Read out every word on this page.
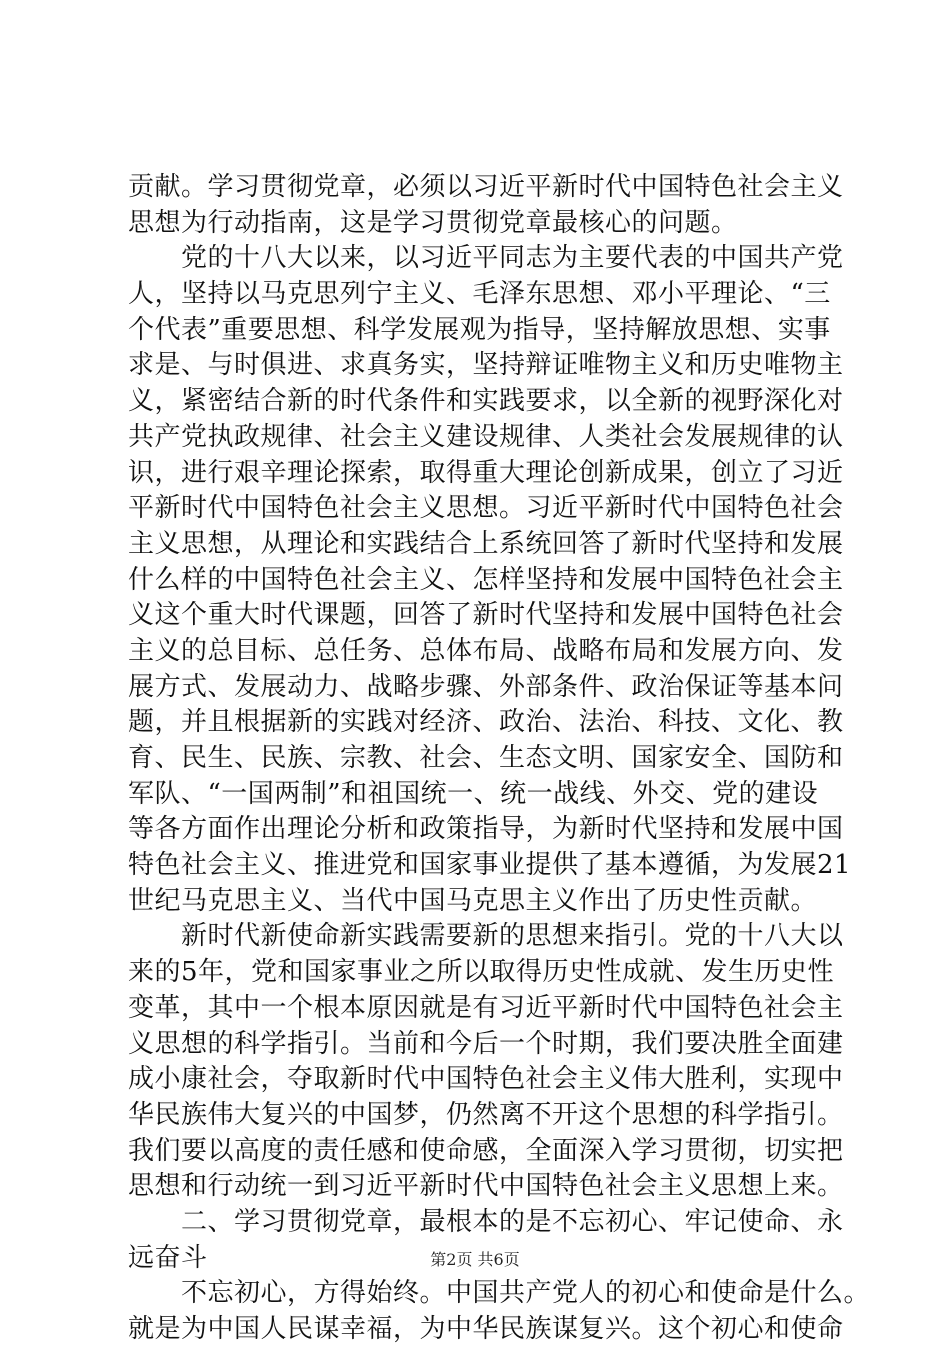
贡献。学习贯彻党章，必须以习近平新时代中国特色社会主义
思想为行动指南，这是学习贯彻党章最核心的问题。
　　党的十八大以来，以习近平同志为主要代表的中国共产党
人，坚持以马克思列宁主义、毛泽东思想、邓小平理论、“三
个代表”重要思想、科学发展观为指导，坚持解放思想、实事
求是、与时俱进、求真务实，坚持辩证唯物主义和历史唯物主
义，紧密结合新的时代条件和实践要求，以全新的视野深化对
共产党执政规律、社会主义建设规律、人类社会发展规律的认
识，进行艰辛理论探索，取得重大理论创新成果，创立了习近
平新时代中国特色社会主义思想。习近平新时代中国特色社会
主义思想，从理论和实践结合上系统回答了新时代坚持和发展
什么样的中国特色社会主义、怎样坚持和发展中国特色社会主
义这个重大时代课题，回答了新时代坚持和发展中国特色社会
主义的总目标、总任务、总体布局、战略布局和发展方向、发
展方式、发展动力、战略步骤、外部条件、政治保证等基本问
题，并且根据新的实践对经济、政治、法治、科技、文化、教
育、民生、民族、宗教、社会、生态文明、国家安全、国防和
军队、“一国两制”和祖国统一、统一战线、外交、党的建设
等各方面作出理论分析和政策指导，为新时代坚持和发展中国
特色社会主义、推进党和国家事业提供了基本遵循，为发展21
世纪马克思主义、当代中国马克思主义作出了历史性贡献。
　　新时代新使命新实践需要新的思想来指引。党的十八大以
来的5年，党和国家事业之所以取得历史性成就、发生历史性
变革，其中一个根本原因就是有习近平新时代中国特色社会主
义思想的科学指引。当前和今后一个时期，我们要决胜全面建
成小康社会，夺取新时代中国特色社会主义伟大胜利，实现中
华民族伟大复兴的中国梦，仍然离不开这个思想的科学指引。
我们要以高度的责任感和使命感，全面深入学习贯彻，切实把
思想和行动统一到习近平新时代中国特色社会主义思想上来。
　　二、学习贯彻党章，最根本的是不忘初心、牢记使命、永
远奋斗
　　不忘初心，方得始终。中国共产党人的初心和使命是什么。
就是为中国人民谋幸福，为中华民族谋复兴。这个初心和使命
第2页 共6页
